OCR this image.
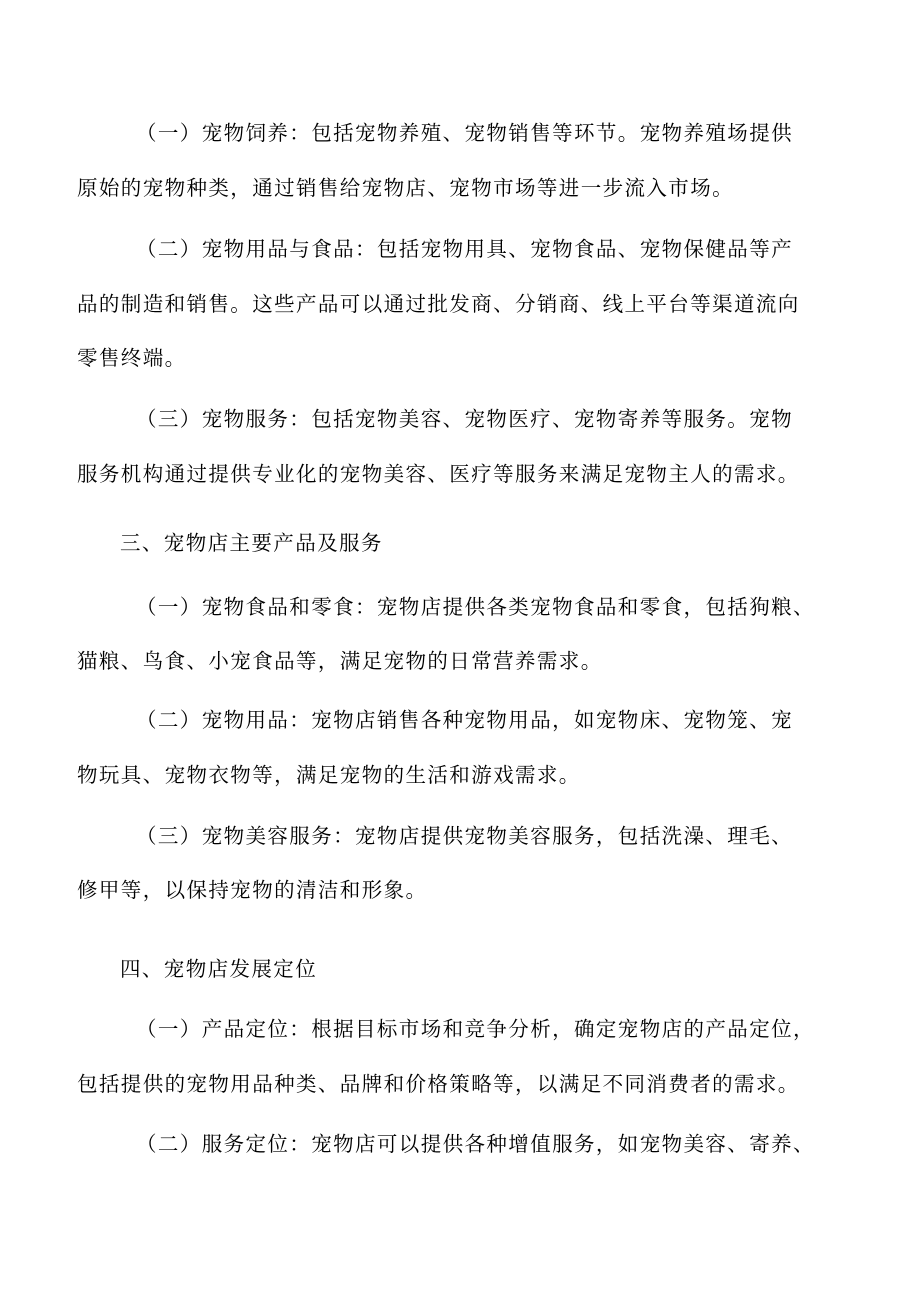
（一）宠物饲养：包括宠物养殖、宠物销售等环节。宠物养殖场提供
原始的宠物种类，通过销售给宠物店、宠物市场等进一步流入市场。
（二）宠物用品与食品：包括宠物用具、宠物食品、宠物保健品等产
品的制造和销售。这些产品可以通过批发商、分销商、线上平台等渠道流向
零售终端。
（三）宠物服务：包括宠物美容、宠物医疗、宠物寄养等服务。宠物
服务机构通过提供专业化的宠物美容、医疗等服务来满足宠物主人的需求。
三、宠物店主要产品及服务
（一）宠物食品和零食：宠物店提供各类宠物食品和零食，包括狗粮、
猫粮、鸟食、小宠食品等，满足宠物的日常营养需求。
（二）宠物用品：宠物店销售各种宠物用品，如宠物床、宠物笼、宠
物玩具、宠物衣物等，满足宠物的生活和游戏需求。
（三）宠物美容服务：宠物店提供宠物美容服务，包括洗澡、理毛、
修甲等，以保持宠物的清洁和形象。
四、宠物店发展定位
（一）产品定位：根据目标市场和竞争分析，确定宠物店的产品定位，
包括提供的宠物用品种类、品牌和价格策略等，以满足不同消费者的需求。
（二）服务定位：宠物店可以提供各种增值服务，如宠物美容、寄养、
